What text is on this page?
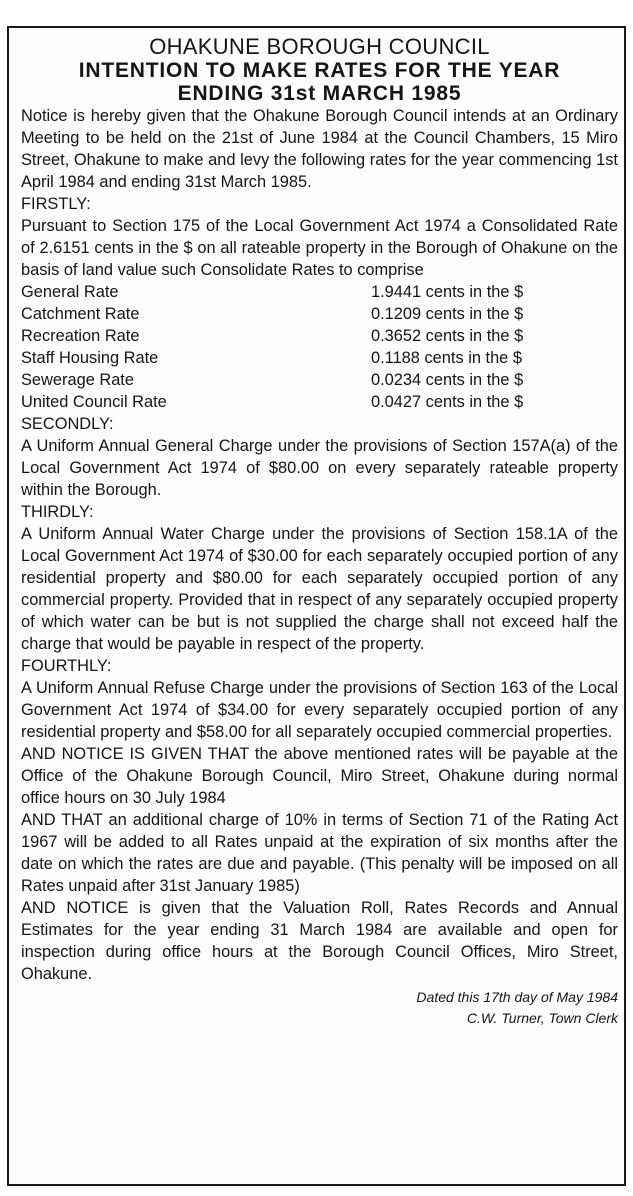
OHAKUNE BOROUGH COUNCIL
INTENTION TO MAKE RATES FOR THE YEAR
ENDING 31st MARCH 1985

Notice is hereby given that the Ohakune Borough Council intends at an Ordinary Meeting to be held on the 21st of June 1984 at the Council Chambers, 15 Miro Street, Ohakune to make and levy the following rates for the year commencing 1st April 1984 and ending 31st March 1985.

FIRSTLY:

Pursuant to Section 175 of the Local Government Act 1974 a Consolidated Rate of 2.6151 cents in the $ on all rateable property in the Borough of Ohakune on the basis of land value such Consolidate Rates to comprise

General Rate	1.9441 cents in the $
Catchment Rate	0.1209 cents in the $
Recreation Rate	0.3652 cents in the $
Staff Housing Rate	0.1188 cents in the $
Sewerage Rate	0.0234 cents in the $
United Council Rate	0.0427 cents in the $
SECONDLY:

A Uniform Annual General Charge under the provisions of Section 157A(a) of the Local Government Act 1974 of $80.00 on every separately rateable property within the Borough.

THIRDLY:

A Uniform Annual Water Charge under the provisions of Section 158.1A of the Local Government Act 1974 of $30.00 for each separately occupied portion of any residential property and $80.00 for each separately occupied portion of any commercial property. Provided that in respect of any separately occupied property of which water can be but is not supplied the charge shall not exceed half the charge that would be payable in respect of the property.

FOURTHLY:

A Uniform Annual Refuse Charge under the provisions of Section 163 of the Local Government Act 1974 of $34.00 for every separately occupied portion of any residential property and $58.00 for all separately occupied commercial properties.

AND NOTICE IS GIVEN THAT the above mentioned rates will be payable at the Office of the Ohakune Borough Council, Miro Street, Ohakune during normal office hours on 30 July 1984

AND THAT an additional charge of 10% in terms of Section 71 of the Rating Act 1967 will be added to all Rates unpaid at the expiration of six months after the date on which the rates are due and payable. (This penalty will be imposed on all Rates unpaid after 31st January 1985)

AND NOTICE is given that the Valuation Roll, Rates Records and Annual Estimates for the year ending 31 March 1984 are available and open for inspection during office hours at the Borough Council Offices, Miro Street, Ohakune.

Dated this 17th day of May 1984
C.W. Turner, Town Clerk
